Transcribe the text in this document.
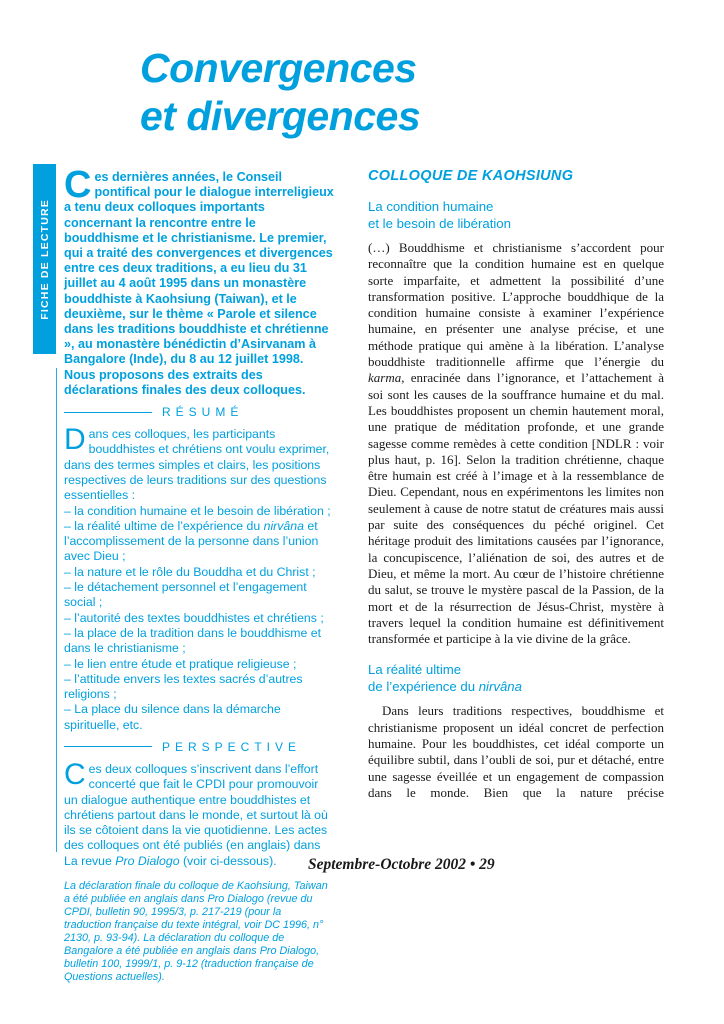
Convergences
et divergences
FICHE DE LECTURE

Ces dernières années, le Conseil pontifical pour le dialogue interreligieux a tenu deux colloques importants concernant la rencontre entre le bouddhisme et le christianisme. Le premier, qui a traité des convergences et divergences entre ces deux traditions, a eu lieu du 31 juillet au 4 août 1995 dans un monastère bouddhiste à Kaohsiung (Taiwan), et le deuxième, sur le thème « Parole et silence dans les traditions bouddhiste et chrétienne », au monastère bénédictin d’Asirvanam à Bangalore (Inde), du 8 au 12 juillet 1998. Nous proposons des extraits des déclarations finales des deux colloques.

RÉSUMÉ

Dans ces colloques, les participants bouddhistes et chrétiens ont voulu exprimer, dans des termes simples et clairs, les positions respectives de leurs traditions sur des questions essentielles :

– la condition humaine et le besoin de libération ;

– la réalité ultime de l’expérience du nirvâna et l’accomplissement de la personne dans l’union avec Dieu ;

– la nature et le rôle du Bouddha et du Christ ;

– le détachement personnel et l’engagement social ;

– l’autorité des textes bouddhistes et chrétiens ;

– la place de la tradition dans le bouddhisme et dans le christianisme ;

– le lien entre étude et pratique religieuse ;

– l’attitude envers les textes sacrés d’autres religions ;

– La place du silence dans la démarche spirituelle, etc.

PERSPECTIVE

Ces deux colloques s’inscrivent dans l’effort concerté que fait le CPDI pour promouvoir un dialogue authentique entre bouddhistes et chrétiens partout dans le monde, et surtout là où ils se côtoient dans la vie quotidienne. Les actes des colloques ont été publiés (en anglais) dans La revue Pro Dialogo (voir ci-dessous).

La déclaration finale du colloque de Kaohsiung, Taiwan a été publiée en anglais dans Pro Dialogo (revue du CPDI, bulletin 90, 1995/3, p. 217-219 (pour la traduction française du texte intégral, voir DC 1996, n° 2130, p. 93-94). La déclaration du colloque de Bangalore a été publiée en anglais dans Pro Dialogo, bulletin 100, 1999/1, p. 9-12 (traduction française de Questions actuelles).

COLLOQUE DE KAOHSIUNG
La condition humaine
et le besoin de libération

(…) Bouddhisme et christianisme s’accordent pour reconnaître que la condition humaine est en quelque sorte imparfaite, et admettent la possibilité d’une transformation positive. L’approche bouddhique de la condition humaine consiste à examiner l’expérience humaine, en présenter une analyse précise, et une méthode pratique qui amène à la libération. L’analyse bouddhiste traditionnelle affirme que l’énergie du karma, enracinée dans l’ignorance, et l’attachement à soi sont les causes de la souffrance humaine et du mal. Les bouddhistes proposent un chemin hautement moral, une pratique de méditation profonde, et une grande sagesse comme remèdes à cette condition [NDLR : voir plus haut, p. 16]. Selon la tradition chrétienne, chaque être humain est créé à l’image et à la ressemblance de Dieu. Cependant, nous en expérimentons les limites non seulement à cause de notre statut de créatures mais aussi par suite des conséquences du péché originel. Cet héritage produit des limitations causées par l’ignorance, la concupiscence, l’aliénation de soi, des autres et de Dieu, et même la mort. Au cœur de l’histoire chrétienne du salut, se trouve le mystère pascal de la Passion, de la mort et de la résurrection de Jésus-Christ, mystère à travers lequel la condition humaine est définitivement transformée et participe à la vie divine de la grâce.

La réalité ultime
de l’expérience du nirvâna

Dans leurs traditions respectives, bouddhisme et christianisme proposent un idéal concret de perfection humaine. Pour les bouddhistes, cet idéal comporte un équilibre subtil, dans l’oubli de soi, pur et détaché, entre une sagesse éveillée et un engagement de compassion dans le monde. Bien que la nature précise

Septembre-Octobre 2002 • 29
